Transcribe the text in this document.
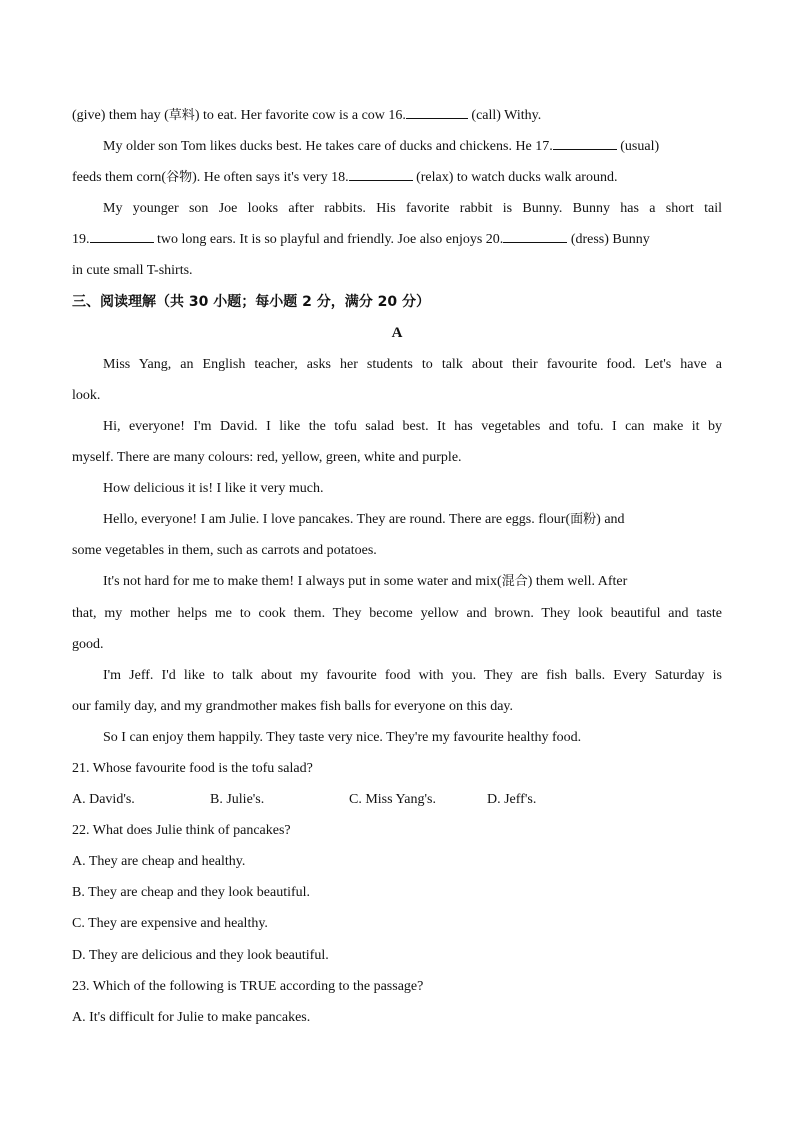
(give) them hay (草料) to eat. Her favorite cow is a cow 16.	(call) Withy.
My older son Tom likes ducks best. He takes care of ducks and chickens. He 17.	(usual)
feeds them corn(谷物). He often says it's very 18.	(relax) to watch ducks walk around.
My younger son Joe looks after rabbits. His favorite rabbit is Bunny. Bunny has a short tail
19.	two long ears. It is so playful and friendly. Joe also enjoys 20.	(dress) Bunny
in cute small T-shirts.
三、阅读理解（共 30 小题；每小题 2 分，满分 20 分）
A
Miss Yang, an English teacher, asks her students to talk about their favourite food. Let's have a
look.
Hi, everyone! I'm David. I like the tofu salad best. It has vegetables and tofu. I can make it by
myself. There are many colours: red, yellow, green, white and purple.
How delicious it is! I like it very much.
Hello, everyone! I am Julie. I love pancakes. They are round. There are eggs. flour(面粉) and
some vegetables in them, such as carrots and potatoes.
It's not hard for me to make them! I always put in some water and mix(混合) them well. After
that, my mother helps me to cook them. They become yellow and brown. They look beautiful and taste
good.
I'm Jeff. I'd like to talk about my favourite food with you. They are fish balls. Every Saturday is
our family day, and my grandmother makes fish balls for everyone on this day.
So I can enjoy them happily. They taste very nice. They're my favourite healthy food.
21. Whose favourite food is the tofu salad?
A. David's.	B. Julie's.	C. Miss Yang's.	D. Jeff's.
22. What does Julie think of pancakes?
A. They are cheap and healthy.
B. They are cheap and they look beautiful.
C. They are expensive and healthy.
D. They are delicious and they look beautiful.
23. Which of the following is TRUE according to the passage?
A. It's difficult for Julie to make pancakes.
